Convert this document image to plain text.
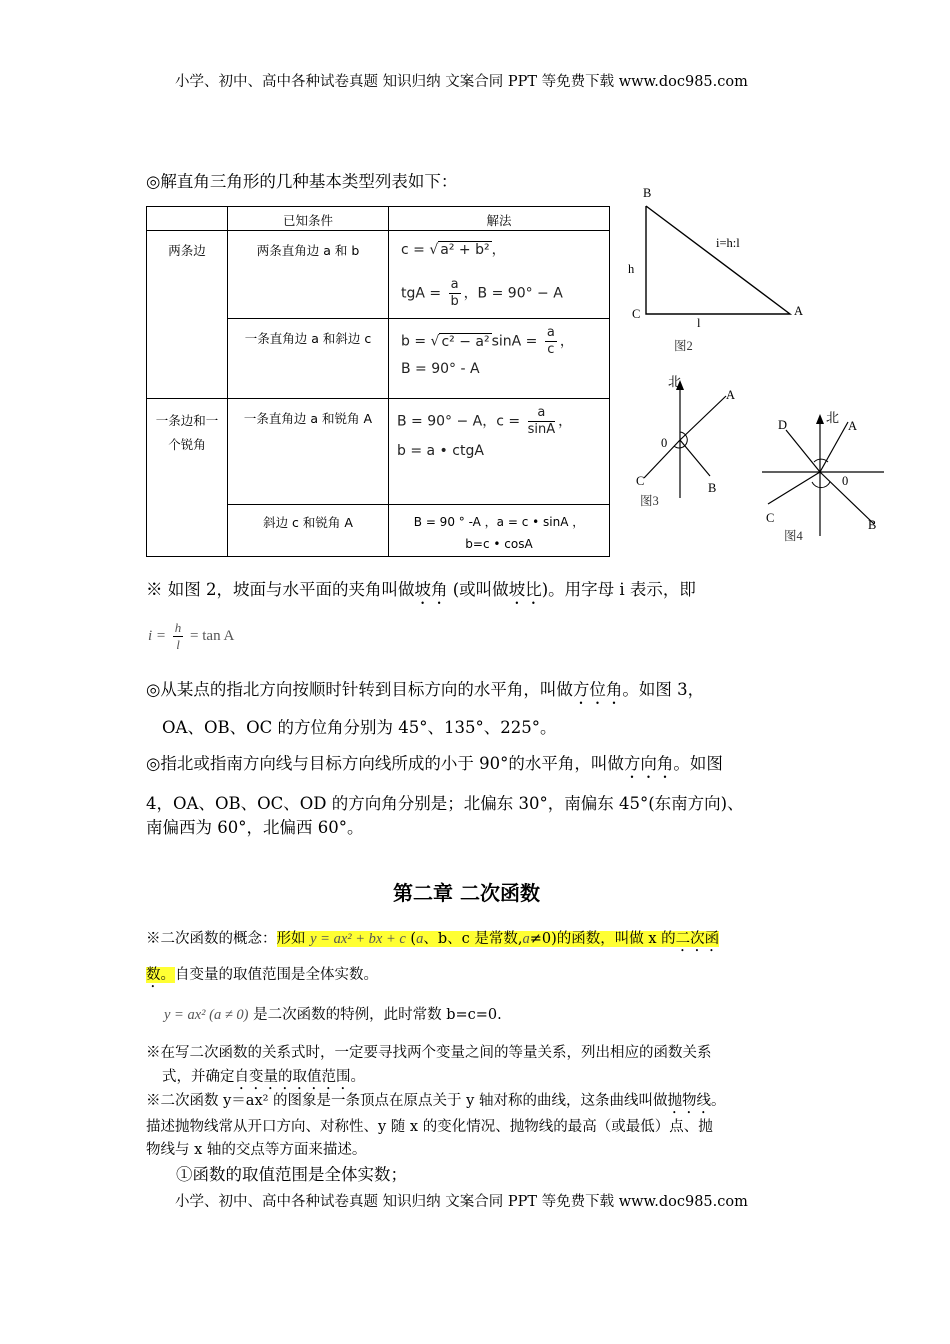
小学、初中、高中各种试卷真题 知识归纳 文案合同 PPT 等免费下载 www.doc985.com
◎解直角三角形的几种基本类型列表如下：
	已知条件	解法
两条边	两条直角边 a 和 b	c = √ a² + b² ，
tgA = $\frac{a}{b}$ ，B = 90° − A

	一条直角边 a 和斜边 c	b = √ c² − a² $\sin A = \frac{a}{c}$ ，
B = 90° - A

一条边和一个锐角	一条直角边 a 和锐角 A	B = 90° − A，$c = \frac{a}{\sin A}$ ，
b = a • ctgA

	斜边 c 和锐角 A	B = 90 ° -A ，a = c • sinA ，
b=c • cosA
B
C	A
h
l
i=h:l
图2
北
A
B
C
0
图3
北 A
D
0
C	B
图4
※ 如图 2，坡面与水平面的夹角叫做坡角 (或叫做坡比)。用字母 i 表示，即
$i = \frac{h}{l} = \tan A$
◎从某点的指北方向按顺时针转到目标方向的水平角，叫做方位角。如图 3，
OA、OB、OC 的方位角分别为 45°、135°、225°。
◎指北或指南方向线与目标方向线所成的小于 90°的水平角，叫做方向角。如图
4，OA、OB、OC、OD 的方向角分别是；北偏东 30°，南偏东 45°(东南方向)、
南偏西为 60°，北偏西 60°。
第二章 二次函数
※二次函数的概念：形如 y = ax² + bx + c (a、b、c 是常数,a≠0)的函数，叫做 x 的二次函
数。自变量的取值范围是全体实数。
y = ax² (a ≠ 0) 是二次函数的特例，此时常数 b=c=0.
※在写二次函数的关系式时，一定要寻找两个变量之间的等量关系，列出相应的函数关系
式，并确定自变量的取值范围。
※二次函数 y＝ax² 的图象是一条顶点在原点关于 y 轴对称的曲线，这条曲线叫做抛物线。
描述抛物线常从开口方向、对称性、y 随 x 的变化情况、抛物线的最高（或最低）点、抛
物线与 x 轴的交点等方面来描述。
①函数的取值范围是全体实数；
小学、初中、高中各种试卷真题 知识归纳 文案合同 PPT 等免费下载 www.doc985.com
